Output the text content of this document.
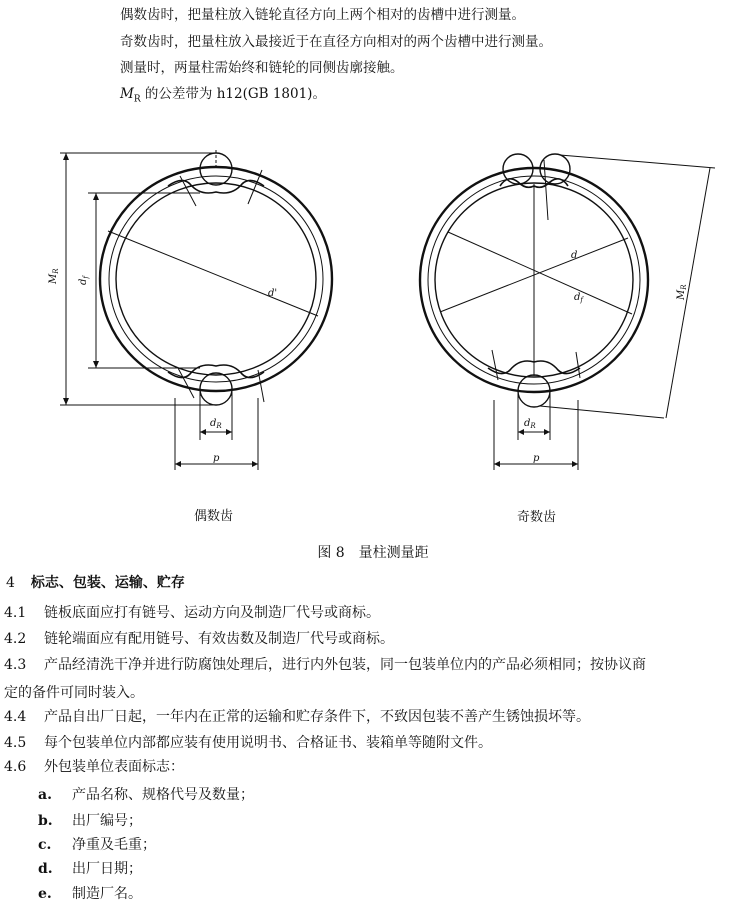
偶数齿时，把量柱放入链轮直径方向上两个相对的齿槽中进行测量。
奇数齿时，把量柱放入最接近于在直径方向相对的两个齿槽中进行测量。
测量时，两量柱需始终和链轮的同侧齿廓接触。
$M_R$ 的公差带为 h12(GB 1801)。
$M_R$
$d_f$
d'
$d_R$
p
d
$d_f$
$d_R$
p
$M_R$
偶数齿	奇数齿
图 8　量柱测量距
4 标志、包装、运输、贮存
4.1 链板底面应打有链号、运动方向及制造厂代号或商标。
4.2 链轮端面应有配用链号、有效齿数及制造厂代号或商标。
4.3 产品经清洗干净并进行防腐蚀处理后，进行内外包装，同一包装单位内的产品必须相同；按协议商
定的备件可同时装入。
4.4 产品自出厂日起，一年内在正常的运输和贮存条件下，不致因包装不善产生锈蚀损坏等。
4.5 每个包装单位内部都应装有使用说明书、合格证书、装箱单等随附文件。
4.6 外包装单位表面标志：
a. 产品名称、规格代号及数量；
b. 出厂编号；
c. 净重及毛重；
d. 出厂日期；
e. 制造厂名。
